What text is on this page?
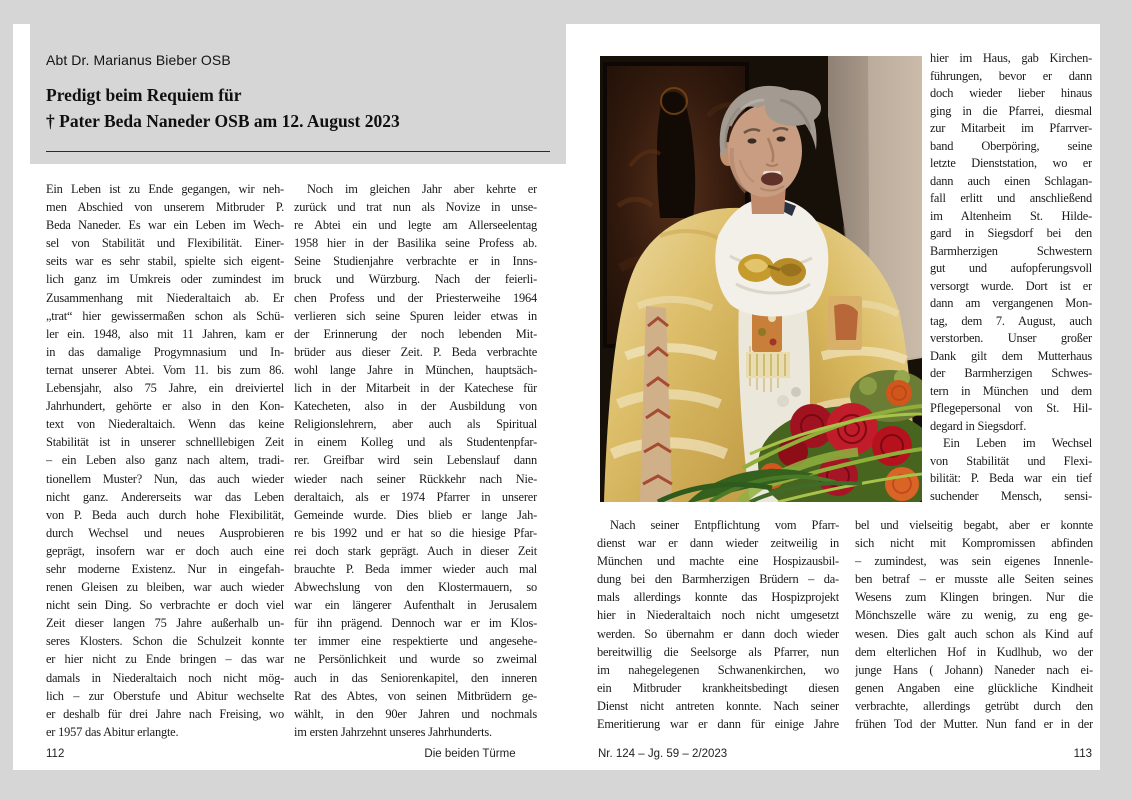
Abt Dr. Marianus Bieber OSB
Predigt beim Requiem für
† Pater Beda Naneder OSB am 12. August 2023
Ein Leben ist zu Ende gegangen, wir neh-
men Abschied von unserem Mitbruder P.
Beda Naneder. Es war ein Leben im Wech-
sel von Stabilität und Flexibilität. Einer-
seits war es sehr stabil, spielte sich eigent-
lich ganz im Umkreis oder zumindest im
Zusammenhang mit Niederaltaich ab. Er
„trat“ hier gewissermaßen schon als Schü-
ler ein. 1948, also mit 11 Jahren, kam er
in das damalige Progymnasium und In-
ternat unserer Abtei. Vom 11. bis zum 86.
Lebensjahr, also 75 Jahre, ein dreiviertel
Jahrhundert, gehörte er also in den Kon-
text von Niederaltaich. Wenn das keine
Stabilität ist in unserer schnelllebigen Zeit
– ein Leben also ganz nach altem, tradi-
tionellem Muster? Nun, das auch wieder
nicht ganz. Andererseits war das Leben
von P. Beda auch durch hohe Flexibilität,
durch Wechsel und neues Ausprobieren
geprägt, insofern war er doch auch eine
sehr moderne Existenz. Nur in eingefah-
renen Gleisen zu bleiben, war auch wieder
nicht sein Ding. So verbrachte er doch viel
Zeit dieser langen 75 Jahre außerhalb un-
seres Klosters. Schon die Schulzeit konnte
er hier nicht zu Ende bringen – das war
damals in Niederaltaich noch nicht mög-
lich – zur Oberstufe und Abitur wechselte
er deshalb für drei Jahre nach Freising, wo
er 1957 das Abitur erlangte.
Noch im gleichen Jahr aber kehrte er
zurück und trat nun als Novize in unse-
re Abtei ein und legte am Allerseelentag
1958 hier in der Basilika seine Profess ab.
Seine Studienjahre verbrachte er in Inns-
bruck und Würzburg. Nach der feierli-
chen Profess und der Priesterweihe 1964
verlieren sich seine Spuren leider etwas in
der Erinnerung der noch lebenden Mit-
brüder aus dieser Zeit. P. Beda verbrachte
wohl lange Jahre in München, hauptsäch-
lich in der Mitarbeit in der Katechese für
Katecheten, also in der Ausbildung von
Religionslehrern, aber auch als Spiritual
in einem Kolleg und als Studentenpfar-
rer. Greifbar wird sein Lebenslauf dann
wieder nach seiner Rückkehr nach Nie-
deraltaich, als er 1974 Pfarrer in unserer
Gemeinde wurde. Dies blieb er lange Jah-
re bis 1992 und er hat so die hiesige Pfar-
rei doch stark geprägt. Auch in dieser Zeit
brauchte P. Beda immer wieder auch mal
Abwechslung von den Klostermauern, so
war ein längerer Aufenthalt in Jerusalem
für ihn prägend. Dennoch war er im Klos-
ter immer eine respektierte und angesehe-
ne Persönlichkeit und wurde so zweimal
auch in das Seniorenkapitel, den inneren
Rat des Abtes, von seinen Mitbrüdern ge-
wählt, in den 90er Jahren und nochmals
im ersten Jahrzehnt unseres Jahrhunderts.
hier im Haus, gab Kirchen-
führungen, bevor er dann
doch wieder lieber hinaus
ging in die Pfarrei, diesmal
zur Mitarbeit im Pfarrver-
band Oberpöring, seine
letzte Dienststation, wo er
dann auch einen Schlagan-
fall erlitt und anschließend
im Altenheim St. Hilde-
gard in Siegsdorf bei den
Barmherzigen Schwestern
gut und aufopferungsvoll
versorgt wurde. Dort ist er
dann am vergangenen Mon-
tag, dem 7. August, auch
verstorben. Unser großer
Dank gilt dem Mutterhaus
der Barmherzigen Schwes-
tern in München und dem
Pflegepersonal von St. Hil-
degard in Siegsdorf.
Ein Leben im Wechsel
von Stabilität und Flexi-
bilität: P. Beda war ein tief
suchender Mensch, sensi-
Nach seiner Entpflichtung vom Pfarr-
dienst war er dann wieder zeitweilig in
München und machte eine Hospizausbil-
dung bei den Barmherzigen Brüdern – da-
mals allerdings konnte das Hospizprojekt
hier in Niederaltaich noch nicht umgesetzt
werden. So übernahm er dann doch wieder
bereitwillig die Seelsorge als Pfarrer, nun
im nahegelegenen Schwanenkirchen, wo
ein Mitbruder krankheitsbedingt diesen
Dienst nicht antreten konnte. Nach seiner
Emeritierung war er dann für einige Jahre
bel und vielseitig begabt, aber er konnte
sich nicht mit Kompromissen abfinden
– zumindest, was sein eigenes Innenle-
ben betraf – er musste alle Seiten seines
Wesens zum Klingen bringen. Nur die
Mönchszelle wäre zu wenig, zu eng ge-
wesen. Dies galt auch schon als Kind auf
dem elterlichen Hof in Kudlhub, wo der
junge Hans ( Johann) Naneder nach ei-
genen Angaben eine glückliche Kindheit
verbrachte, allerdings getrübt durch den
frühen Tod der Mutter. Nun fand er in der
112	Die beiden Türme	Nr. 124 – Jg. 59 – 2/2023	113
